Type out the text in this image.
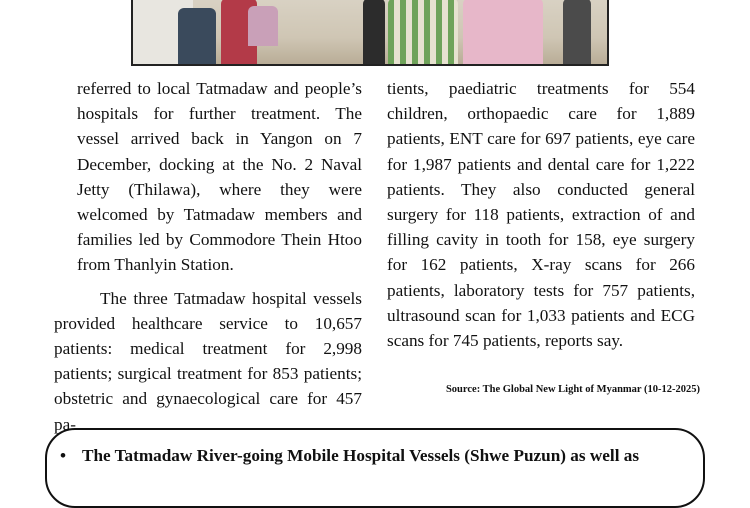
referred to local Tatmadaw and people’s hospitals for further treatment. The vessel arrived back in Yangon on 7 December, docking at the No. 2 Naval Jetty (Thilawa), where they were welcomed by Tatmadaw members and families led by Commodore Thein Htoo from Thanlyin Station.

The three Tatmadaw hospital vessels provided healthcare service to 10,657 patients: medical treatment for 2,998 patients; surgical treatment for 853 patients; obstetric and gynaecological care for 457 pa-

tients, paediatric treatments for 554 children, orthopaedic care for 1,889 patients, ENT care for 697 patients, eye care for 1,987 patients and dental care for 1,222 patients. They also conducted general surgery for 118 patients, extraction of and filling cavity in tooth for 158, eye surgery for 162 patients, X-ray scans for 266 patients, laboratory tests for 757 patients, ultrasound scan for 1,033 patients and ECG scans for 745 patients, reports say.

Source: The Global New Light of Myanmar (10-12-2025)
• The Tatmadaw River-going Mobile Hospital Vessels (Shwe Puzun) as well as
